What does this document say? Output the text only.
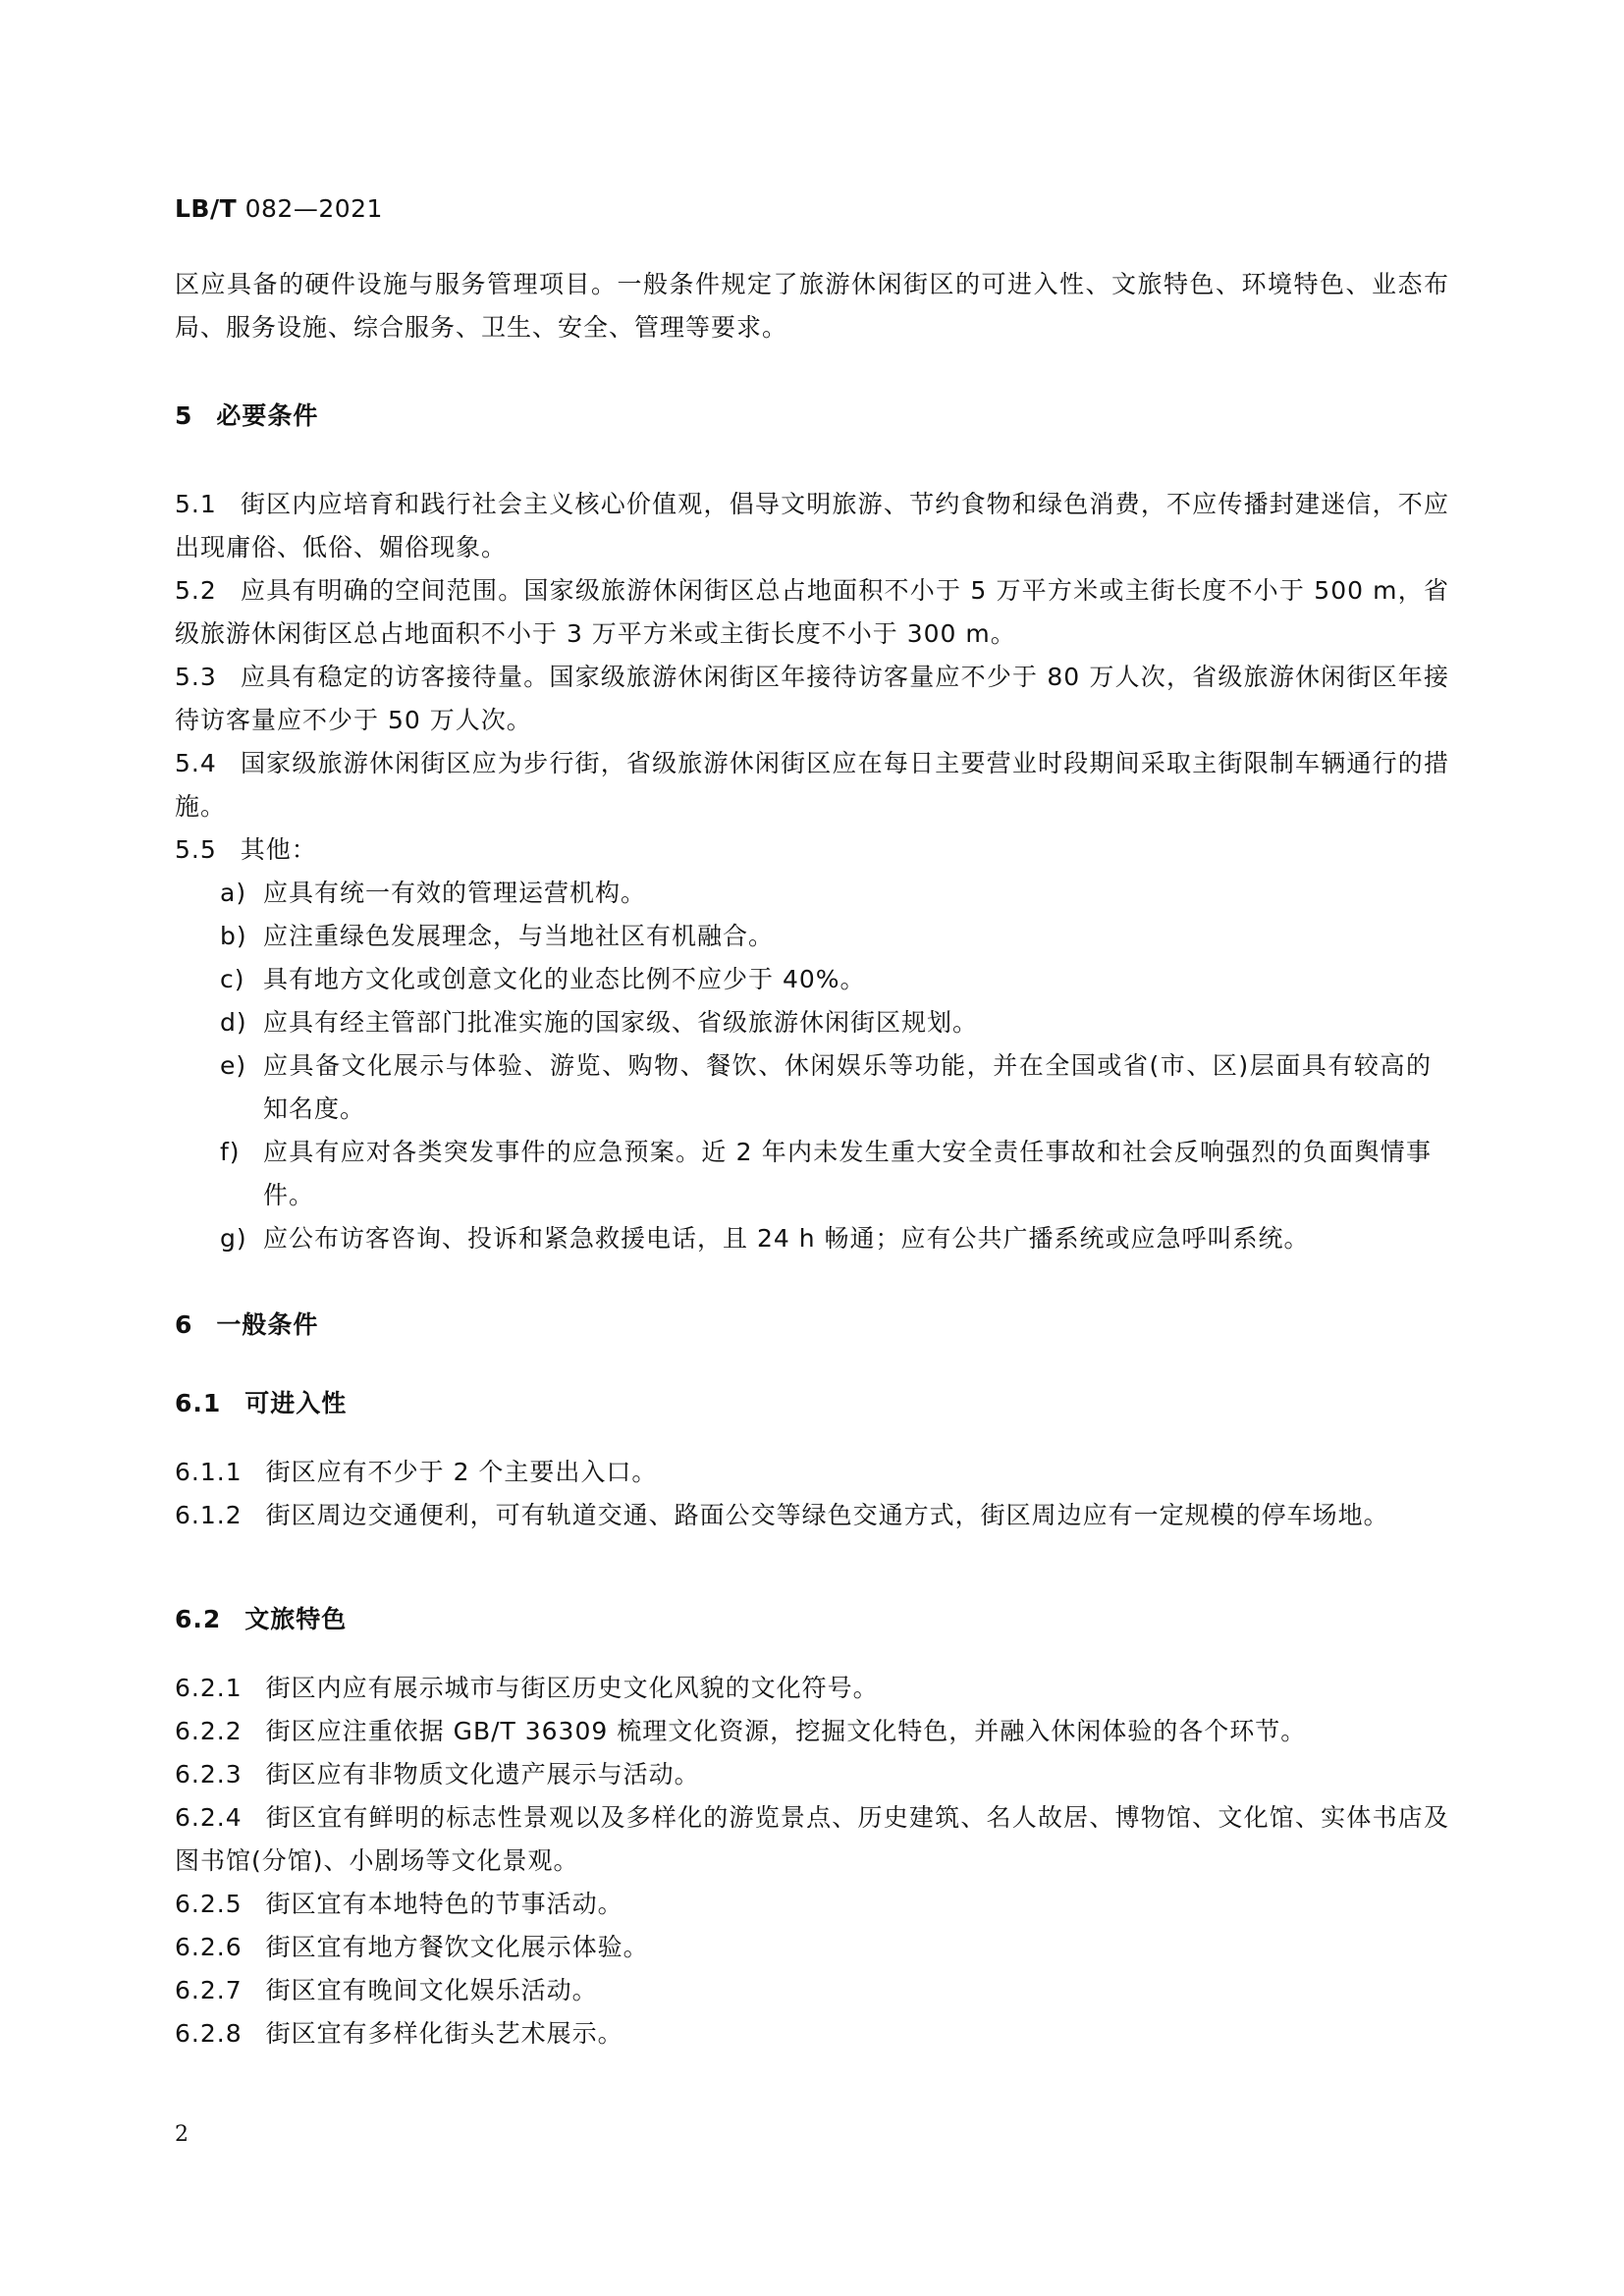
LB/T 082—2021

区应具备的硬件设施与服务管理项目。一般条件规定了旅游休闲街区的可进入性、文旅特色、环境特色、业态布局、服务设施、综合服务、卫生、安全、管理等要求。

5 必要条件

5.1 街区内应培育和践行社会主义核心价值观，倡导文明旅游、节约食物和绿色消费，不应传播封建迷信，不应出现庸俗、低俗、媚俗现象。

5.2 应具有明确的空间范围。国家级旅游休闲街区总占地面积不小于 5 万平方米或主街长度不小于 500 m，省级旅游休闲街区总占地面积不小于 3 万平方米或主街长度不小于 300 m。

5.3 应具有稳定的访客接待量。国家级旅游休闲街区年接待访客量应不少于 80 万人次，省级旅游休闲街区年接待访客量应不少于 50 万人次。

5.4 国家级旅游休闲街区应为步行街，省级旅游休闲街区应在每日主要营业时段期间采取主街限制车辆通行的措施。

5.5 其他：

a) 应具有统一有效的管理运营机构。

b) 应注重绿色发展理念，与当地社区有机融合。

c) 具有地方文化或创意文化的业态比例不应少于 40%。

d) 应具有经主管部门批准实施的国家级、省级旅游休闲街区规划。

e) 应具备文化展示与体验、游览、购物、餐饮、休闲娱乐等功能，并在全国或省(市、区)层面具有较高的知名度。

f) 应具有应对各类突发事件的应急预案。近 2 年内未发生重大安全责任事故和社会反响强烈的负面舆情事件。

g) 应公布访客咨询、投诉和紧急救援电话，且 24 h 畅通；应有公共广播系统或应急呼叫系统。

6 一般条件
6.1 可进入性

6.1.1 街区应有不少于 2 个主要出入口。

6.1.2 街区周边交通便利，可有轨道交通、路面公交等绿色交通方式，街区周边应有一定规模的停车场地。

6.2 文旅特色

6.2.1 街区内应有展示城市与街区历史文化风貌的文化符号。

6.2.2 街区应注重依据 GB/T 36309 梳理文化资源，挖掘文化特色，并融入休闲体验的各个环节。

6.2.3 街区应有非物质文化遗产展示与活动。

6.2.4 街区宜有鲜明的标志性景观以及多样化的游览景点、历史建筑、名人故居、博物馆、文化馆、实体书店及图书馆(分馆)、小剧场等文化景观。

6.2.5 街区宜有本地特色的节事活动。

6.2.6 街区宜有地方餐饮文化展示体验。

6.2.7 街区宜有晚间文化娱乐活动。

6.2.8 街区宜有多样化街头艺术展示。

2
